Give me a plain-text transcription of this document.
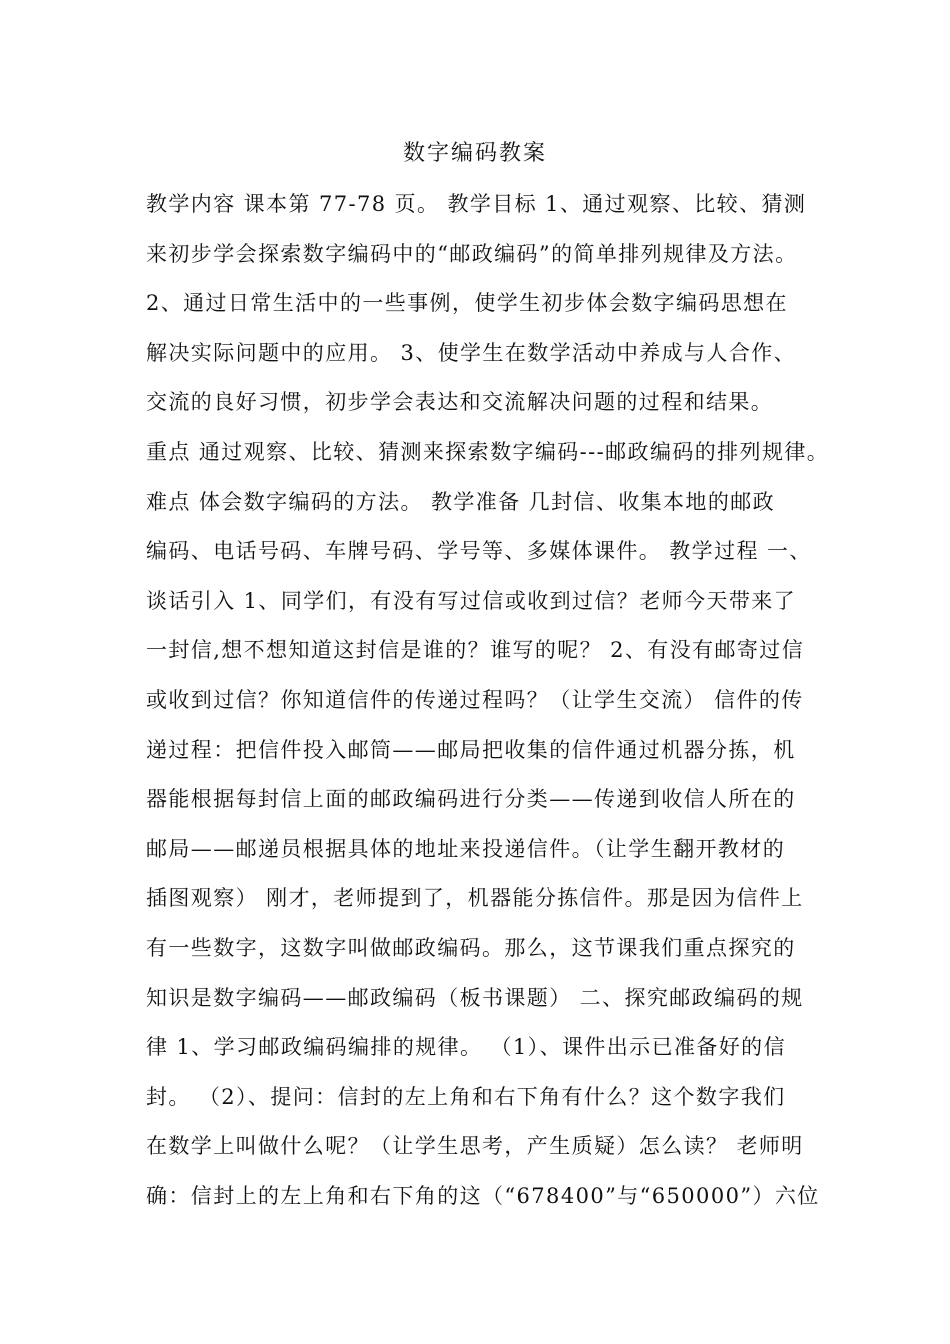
数字编码教案

教学内容 课本第 77-78 页。 教学目标 1、通过观察、比较、猜测

来初步学会探索数字编码中的“邮政编码”的简单排列规律及方法。

2、通过日常生活中的一些事例，使学生初步体会数字编码思想在

解决实际问题中的应用。 3、使学生在数学活动中养成与人合作、

交流的良好习惯，初步学会表达和交流解决问题的过程和结果。

重点 通过观察、比较、猜测来探索数字编码---邮政编码的排列规律。

难点 体会数字编码的方法。 教学准备 几封信、收集本地的邮政

编码、电话号码、车牌号码、学号等、多媒体课件。 教学过程 一、

谈话引入 1、同学们，有没有写过信或收到过信？老师今天带来了

一封信,想不想知道这封信是谁的？谁写的呢？ 2、有没有邮寄过信

或收到过信？你知道信件的传递过程吗？（让学生交流） 信件的传

递过程：把信件投入邮筒——邮局把收集的信件通过机器分拣，机

器能根据每封信上面的邮政编码进行分类——传递到收信人所在的

邮局——邮递员根据具体的地址来投递信件。（让学生翻开教材的

插图观察） 刚才，老师提到了，机器能分拣信件。那是因为信件上

有一些数字，这数字叫做邮政编码。那么，这节课我们重点探究的

知识是数字编码——邮政编码（板书课题） 二、探究邮政编码的规

律 1、学习邮政编码编排的规律。 （1）、课件出示已准备好的信

封。 （2）、提问：信封的左上角和右下角有什么？这个数字我们

在数学上叫做什么呢？（让学生思考，产生质疑）怎么读？ 老师明

确：信封上的左上角和右下角的这（“678400”与“650000”）六位
